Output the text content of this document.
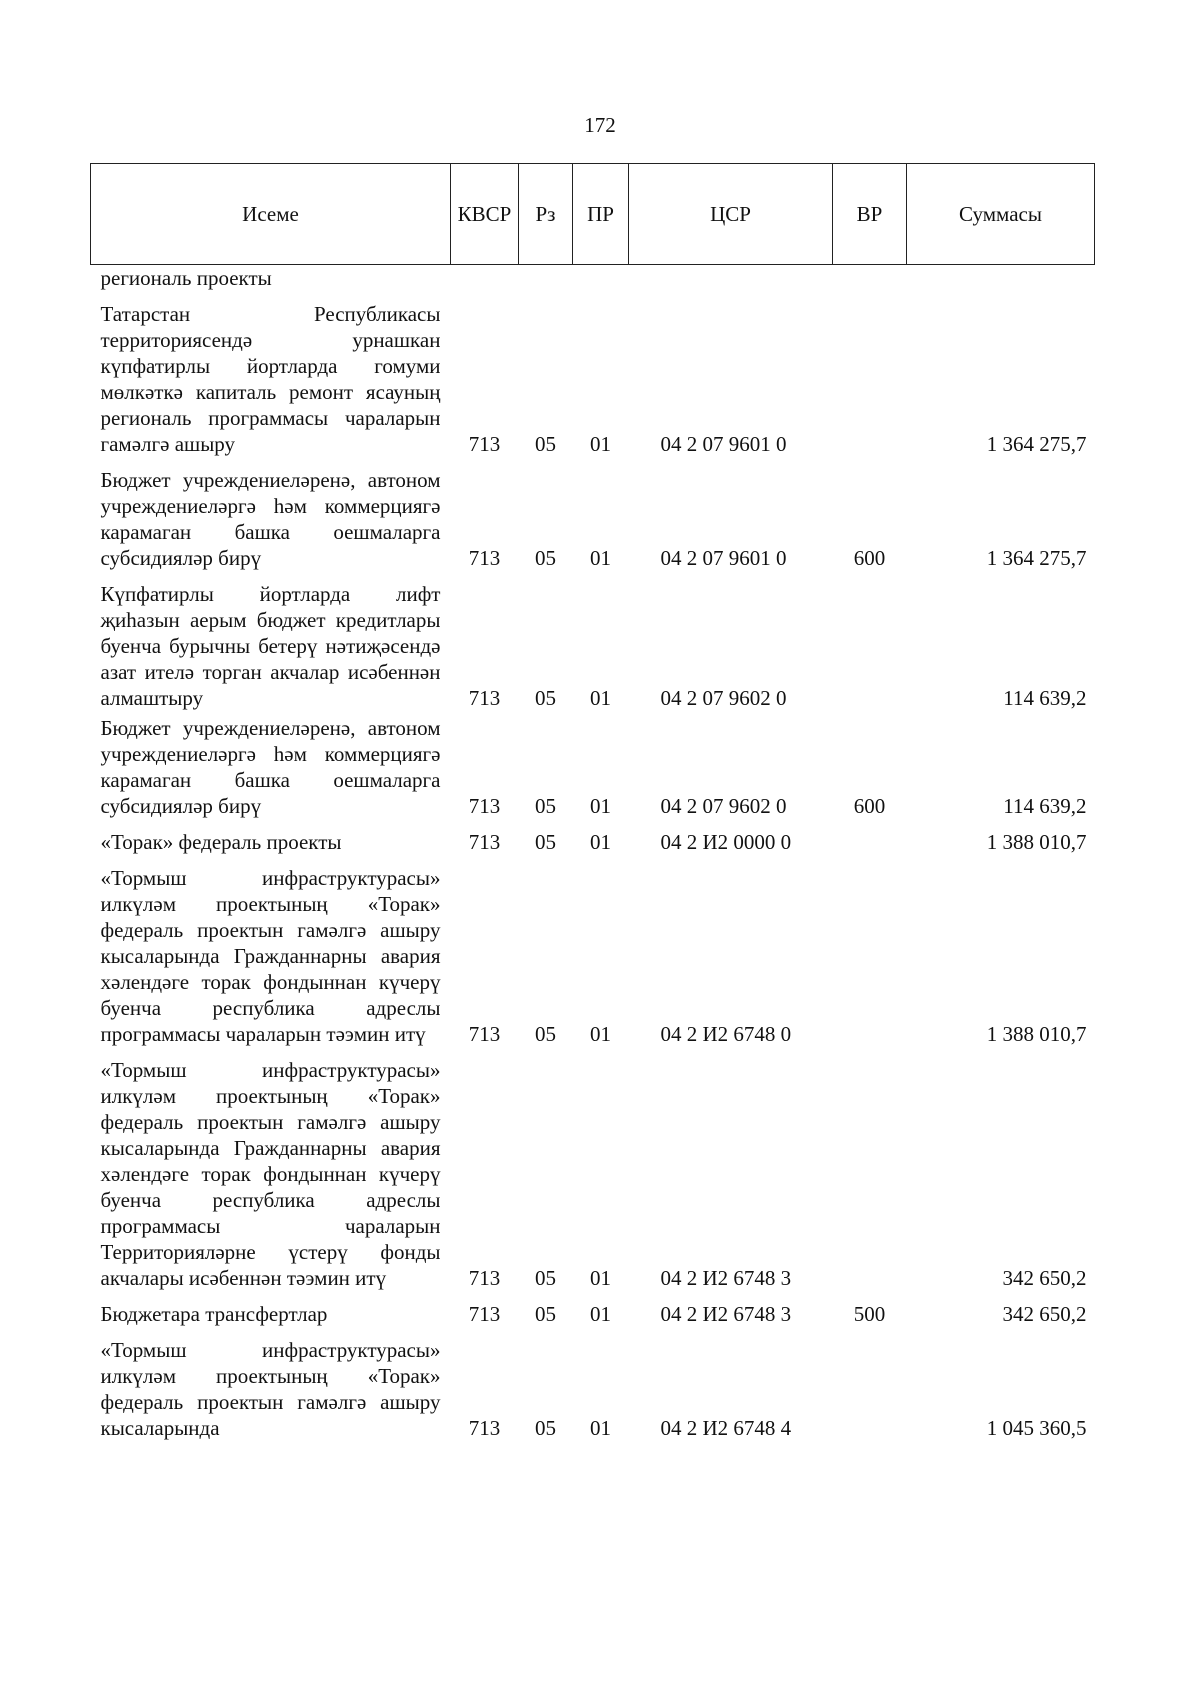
172
Исеме	КВСР	Рз	ПР	ЦСР	ВР	Суммасы
региональ проекты						
Татарстан Республикасы территориясендә урнашкан күпфатирлы йортларда гомуми мөлкәткә капиталь ремонт ясауның региональ программасы чараларын гамәлгә ашыру	713	05	01	04 2 07 9601 0		1 364 275,7
Бюджет учреждениеләренә, автоном учреждениеләргә һәм коммерциягә карамаган башка оешмаларга субсидияләр бирү	713	05	01	04 2 07 9601 0	600	1 364 275,7
Күпфатирлы йортларда лифт җиһазын аерым бюджет кредитлары буенча бурычны бетерү нәтиҗәсендә азат ителә торган акчалар исәбеннән алмаштыру	713	05	01	04 2 07 9602 0		114 639,2
Бюджет учреждениеләренә, автоном учреждениеләргә һәм коммерциягә карамаган башка оешмаларга субсидияләр бирү	713	05	01	04 2 07 9602 0	600	114 639,2
«Торак» федераль проекты	713	05	01	04 2 И2 0000 0		1 388 010,7
«Тормыш инфраструктурасы» илкүләм проектының «Торак» федераль проектын гамәлгә ашыру кысаларында Гражданнарны авария хәлендәге торак фондыннан күчерү буенча республика адреслы программасы чараларын тәэмин итү	713	05	01	04 2 И2 6748 0		1 388 010,7
«Тормыш инфраструктурасы» илкүләм проектының «Торак» федераль проектын гамәлгә ашыру кысаларында Гражданнарны авария хәлендәге торак фондыннан күчерү буенча республика адреслы программасы чараларын Территорияләрне үстерү фонды акчалары исәбеннән тәэмин итү	713	05	01	04 2 И2 6748 3		342 650,2
Бюджетара трансфертлар	713	05	01	04 2 И2 6748 3	500	342 650,2
«Тормыш инфраструктурасы» илкүләм проектының «Торак» федераль проектын гамәлгә ашыру кысаларында	713	05	01	04 2 И2 6748 4		1 045 360,5
